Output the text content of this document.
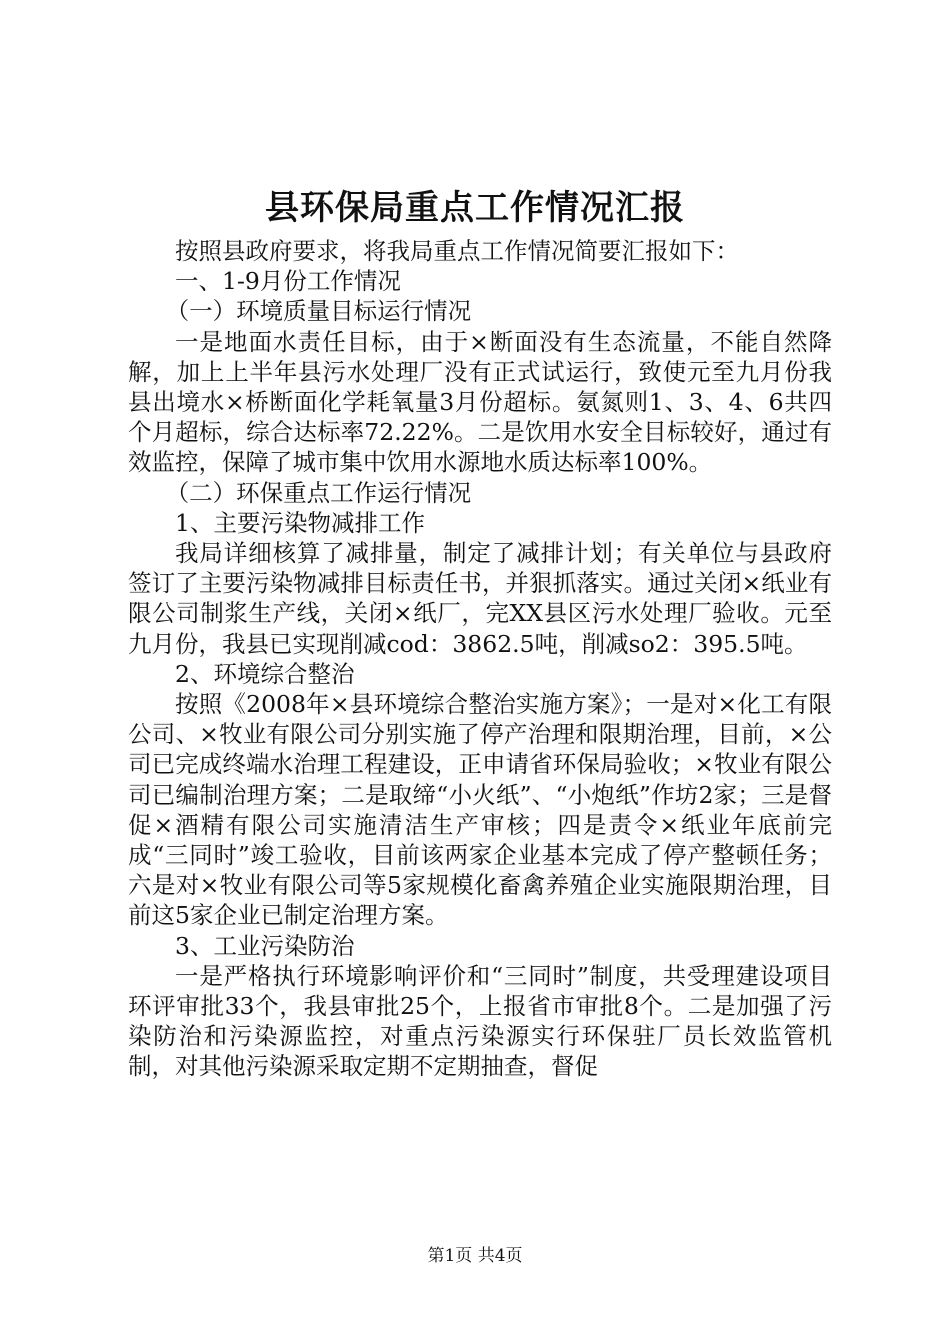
县环保局重点工作情况汇报

按照县政府要求，将我局重点工作情况简要汇报如下：

一、1-9月份工作情况

（一）环境质量目标运行情况

一是地面水责任目标，由于×断面没有生态流量，不能自然降解，加上上半年县污水处理厂没有正式试运行，致使元至九月份我县出境水×桥断面化学耗氧量3月份超标。氨氮则1、3、4、6共四个月超标，综合达标率72.22%。二是饮用水安全目标较好，通过有效监控，保障了城市集中饮用水源地水质达标率100%。

（二）环保重点工作运行情况

1、主要污染物减排工作

我局详细核算了减排量，制定了减排计划；有关单位与县政府签订了主要污染物减排目标责任书，并狠抓落实。通过关闭×纸业有限公司制浆生产线，关闭×纸厂，完XX县区污水处理厂验收。元至九月份，我县已实现削减cod：3862.5吨，削减so2：395.5吨。

2、环境综合整治

按照《2008年×县环境综合整治实施方案》；一是对×化工有限公司、×牧业有限公司分别实施了停产治理和限期治理，目前，×公司已完成终端水治理工程建设，正申请省环保局验收；×牧业有限公司已编制治理方案；二是取缔“小火纸”、“小炮纸”作坊2家；三是督促×酒精有限公司实施清洁生产审核；四是责令×纸业年底前完成“三同时”竣工验收，目前该两家企业基本完成了停产整顿任务；六是对×牧业有限公司等5家规模化畜禽养殖企业实施限期治理，目前这5家企业已制定治理方案。

3、工业污染防治

一是严格执行环境影响评价和“三同时”制度，共受理建设项目环评审批33个，我县审批25个，上报省市审批8个。二是加强了污染防治和污染源监控，对重点污染源实行环保驻厂员长效监管机制，对其他污染源采取定期不定期抽查，督促

第1页 共4页
